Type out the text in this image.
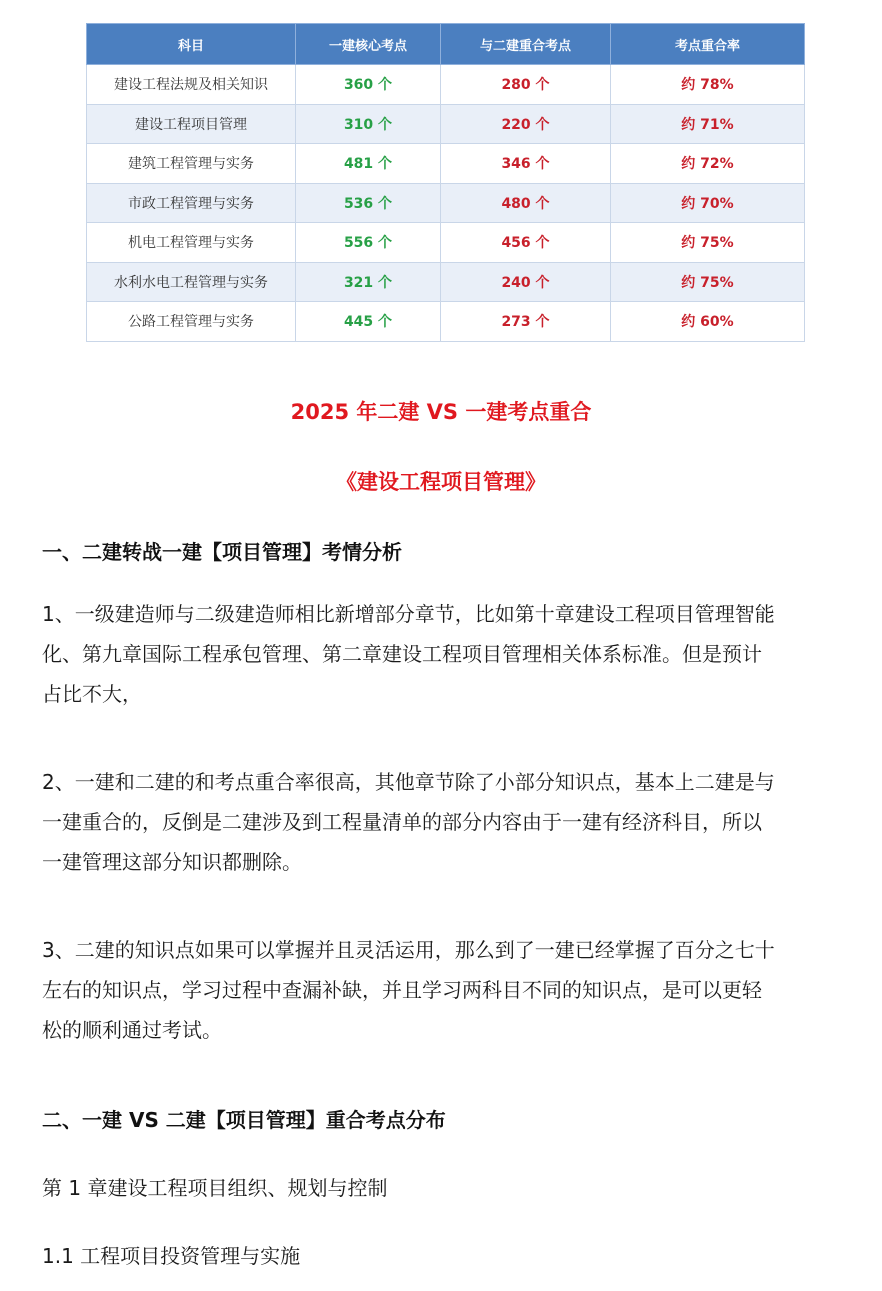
科目	一建核心考点	与二建重合考点	考点重合率
建设工程法规及相关知识	360 个	280 个	约 78%
建设工程项目管理	310 个	220 个	约 71%
建筑工程管理与实务	481 个	346 个	约 72%
市政工程管理与实务	536 个	480 个	约 70%
机电工程管理与实务	556 个	456 个	约 75%
水利水电工程管理与实务	321 个	240 个	约 75%
公路工程管理与实务	445 个	273 个	约 60%
2025 年二建 VS 一建考点重合
《建设工程项目管理》
一、二建转战一建【项目管理】考情分析

1、一级建造师与二级建造师相比新增部分章节，比如第十章建设工程项目管理智能
化、第九章国际工程承包管理、第二章建设工程项目管理相关体系标准。但是预计
占比不大，

2、一建和二建的和考点重合率很高，其他章节除了小部分知识点，基本上二建是与
一建重合的，反倒是二建涉及到工程量清单的部分内容由于一建有经济科目，所以
一建管理这部分知识都删除。

3、二建的知识点如果可以掌握并且灵活运用，那么到了一建已经掌握了百分之七十
左右的知识点，学习过程中查漏补缺，并且学习两科目不同的知识点，是可以更轻
松的顺利通过考试。

二、一建 VS 二建【项目管理】重合考点分布
第 1 章建设工程项目组织、规划与控制
1.1 工程项目投资管理与实施
